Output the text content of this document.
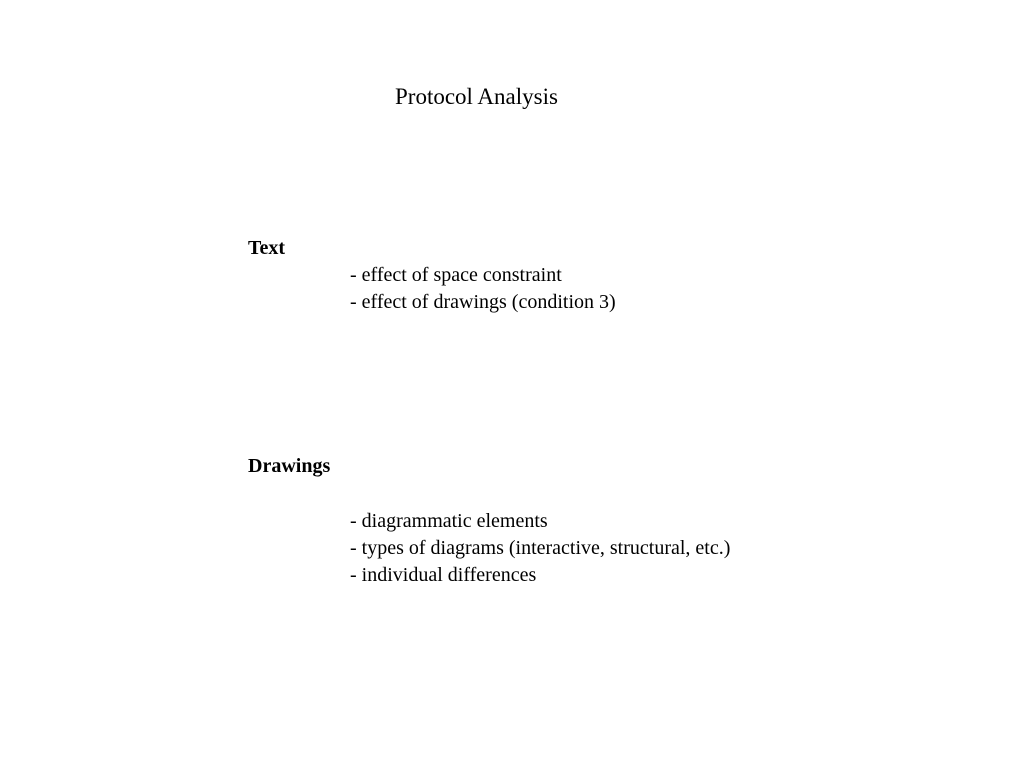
Protocol Analysis
Text
- effect of space constraint
- effect of drawings (condition 3)
Drawings
- diagrammatic elements
- types of diagrams (interactive, structural, etc.)
- individual differences
